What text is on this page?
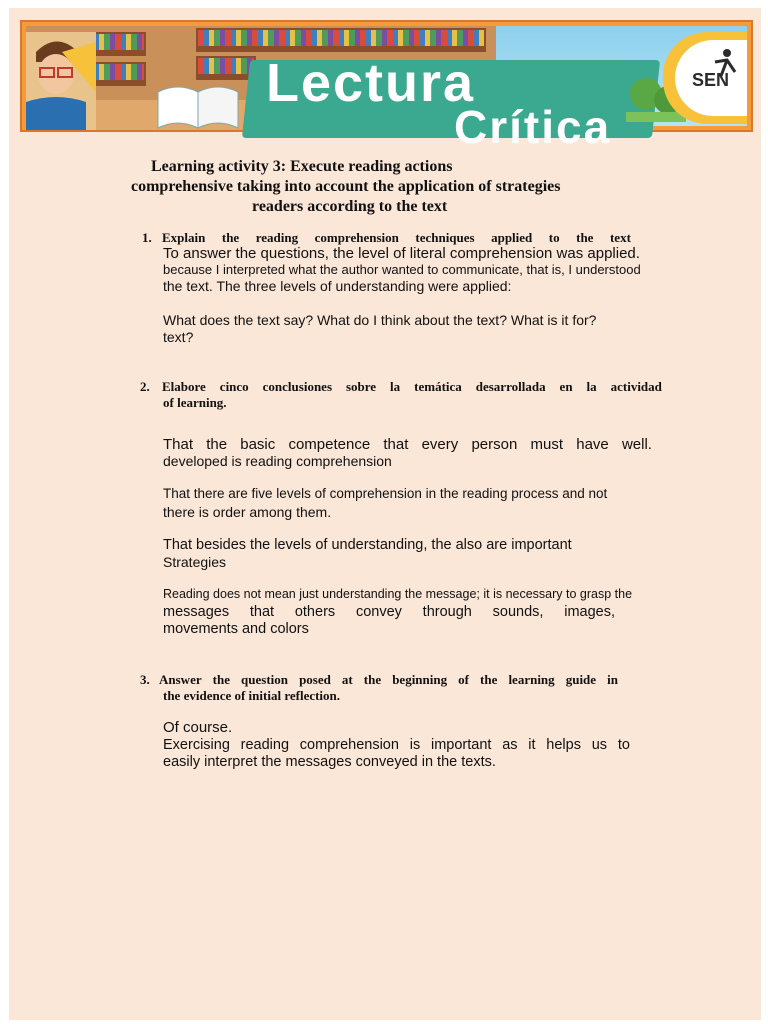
Lectura
Crítica
SEN
Learning activity 3: Execute reading actions
comprehensive taking into account the application of strategies
readers according to the text
1. Explain the reading comprehension techniques applied to the text
To answer the questions, the level of literal comprehension was applied.
because I interpreted what the author wanted to communicate, that is, I understood
the text. The three levels of understanding were applied:
What does the text say? What do I think about the text? What is it for?
text?
2. Elabore cinco conclusiones sobre la temática desarrollada en la actividad
of learning.
That the basic competence that every person must have well.
developed is reading comprehension
That there are five levels of comprehension in the reading process and not
there is order among them.
That besides the levels of understanding, the also are important
Strategies
Reading does not mean just understanding the message; it is necessary to grasp the
messages that others convey through sounds, images,
movements and colors
3. Answer the question posed at the beginning of the learning guide in
the evidence of initial reflection.
Of course.
Exercising reading comprehension is important as it helps us to
easily interpret the messages conveyed in the texts.
